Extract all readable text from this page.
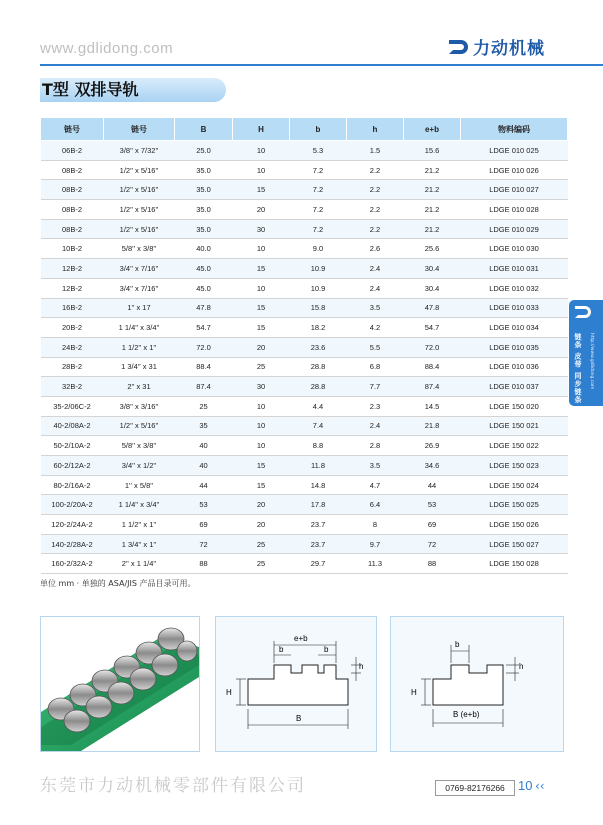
www.gdlidong.com	力动机械
T型 双排导轨
链号	链号	B	H	b	h	e+b	物料编码
06B-2	3/8'' x 7/32''	25.0	10	5.3	1.5	15.6	LDGE 010 025
08B-2	1/2'' x 5/16''	35.0	10	7.2	2.2	21.2	LDGE 010 026
08B-2	1/2'' x 5/16''	35.0	15	7.2	2.2	21.2	LDGE 010 027
08B-2	1/2'' x 5/16''	35.0	20	7.2	2.2	21.2	LDGE 010 028
08B-2	1/2'' x 5/16''	35.0	30	7.2	2.2	21.2	LDGE 010 029
10B-2	5/8'' x 3/8''	40.0	10	9.0	2.6	25.6	LDGE 010 030
12B-2	3/4'' x 7/16''	45.0	15	10.9	2.4	30.4	LDGE 010 031
12B-2	3/4'' x 7/16''	45.0	10	10.9	2.4	30.4	LDGE 010 032
16B-2	1'' x 17	47.8	15	15.8	3.5	47.8	LDGE 010 033
20B-2	1 1/4'' x 3/4''	54.7	15	18.2	4.2	54.7	LDGE 010 034
24B-2	1 1/2'' x 1''	72.0	20	23.6	5.5	72.0	LDGE 010 035
28B-2	1 3/4'' x 31	88.4	25	28.8	6.8	88.4	LDGE 010 036
32B-2	2'' x 31	87.4	30	28.8	7.7	87.4	LDGE 010 037
35-2/06C-2	3/8'' x 3/16''	25	10	4.4	2.3	14.5	LDGE 150 020
40-2/08A-2	1/2'' x 5/16''	35	10	7.4	2.4	21.8	LDGE 150 021
50-2/10A-2	5/8'' x 3/8''	40	10	8.8	2.8	26.9	LDGE 150 022
60-2/12A-2	3/4'' x 1/2''	40	15	11.8	3.5	34.6	LDGE 150 023
80-2/16A-2	1'' x 5/8''	44	15	14.8	4.7	44	LDGE 150 024
100-2/20A-2	1 1/4'' x 3/4''	53	20	17.8	6.4	53	LDGE 150 025
120-2/24A-2	1 1/2'' x 1''	69	20	23.7	8	69	LDGE 150 026
140-2/28A-2	1 3/4'' x 1''	72	25	23.7	9.7	72	LDGE 150 027
160-2/32A-2	2'' x 1 1/4''	88	25	29.7	11.3	88	LDGE 150 028
单位 mm · 单独的 ASA/JIS 产品目录可用。
e+b
b	b
h
H
B
b
h
H
B (e+b)
链条 皮带 同步链条 http://www.gdlidong.com
东莞市力动机械零部件有限公司	0769-82176266	10 ‹‹
